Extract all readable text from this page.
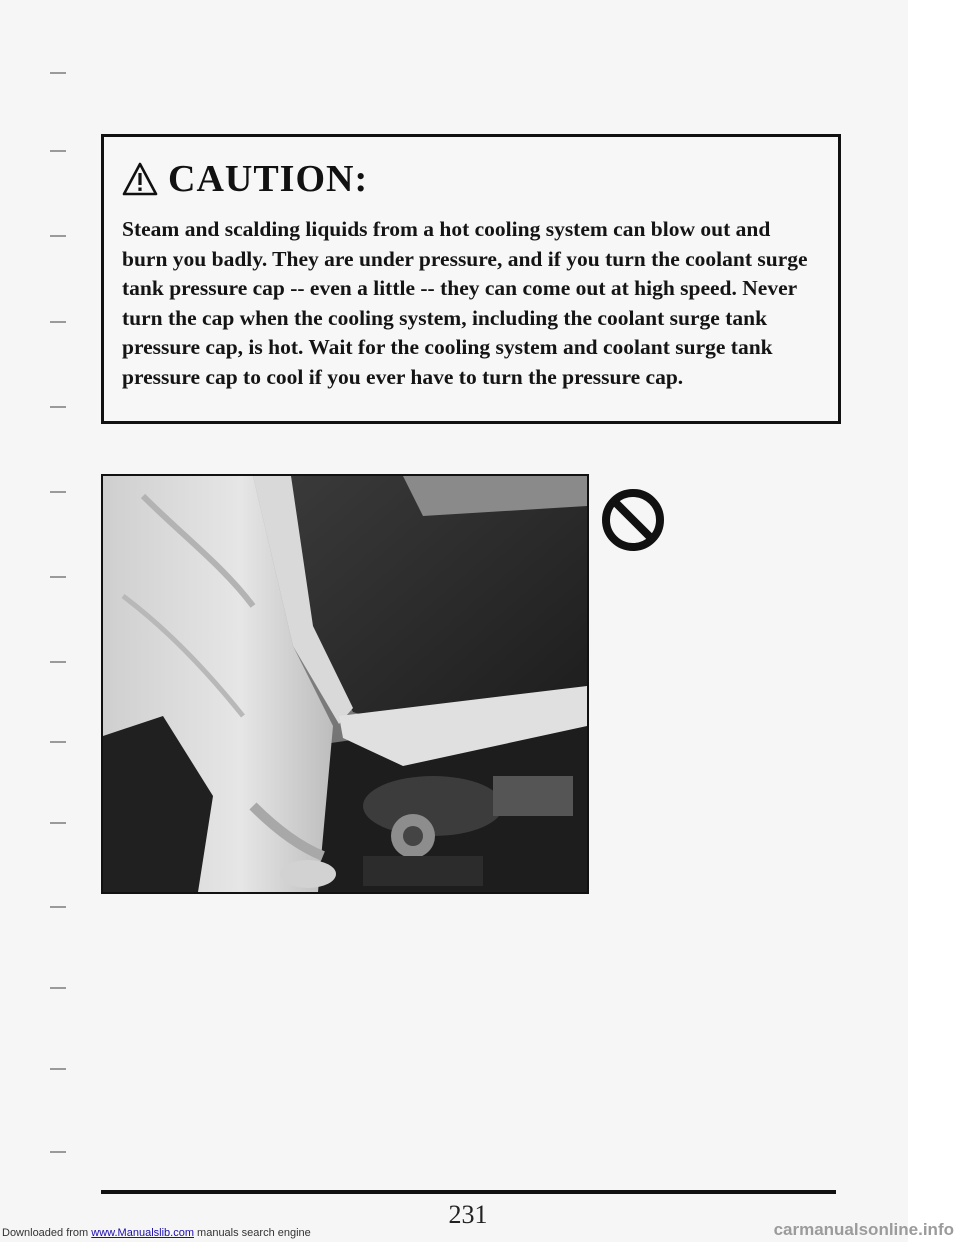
CAUTION:

Steam and scalding liquids from a hot cooling system can blow out and burn you badly. They are under pressure, and if you turn the coolant surge tank pressure cap -- even a little -- they can come out at high speed. Never turn the cap when the cooling system, including the coolant surge tank pressure cap, is hot. Wait for the cooling system and coolant surge tank pressure cap to cool if you ever have to turn the pressure cap.

231
Downloaded from www.Manualslib.com manuals search engine	carmanualsonline.info
